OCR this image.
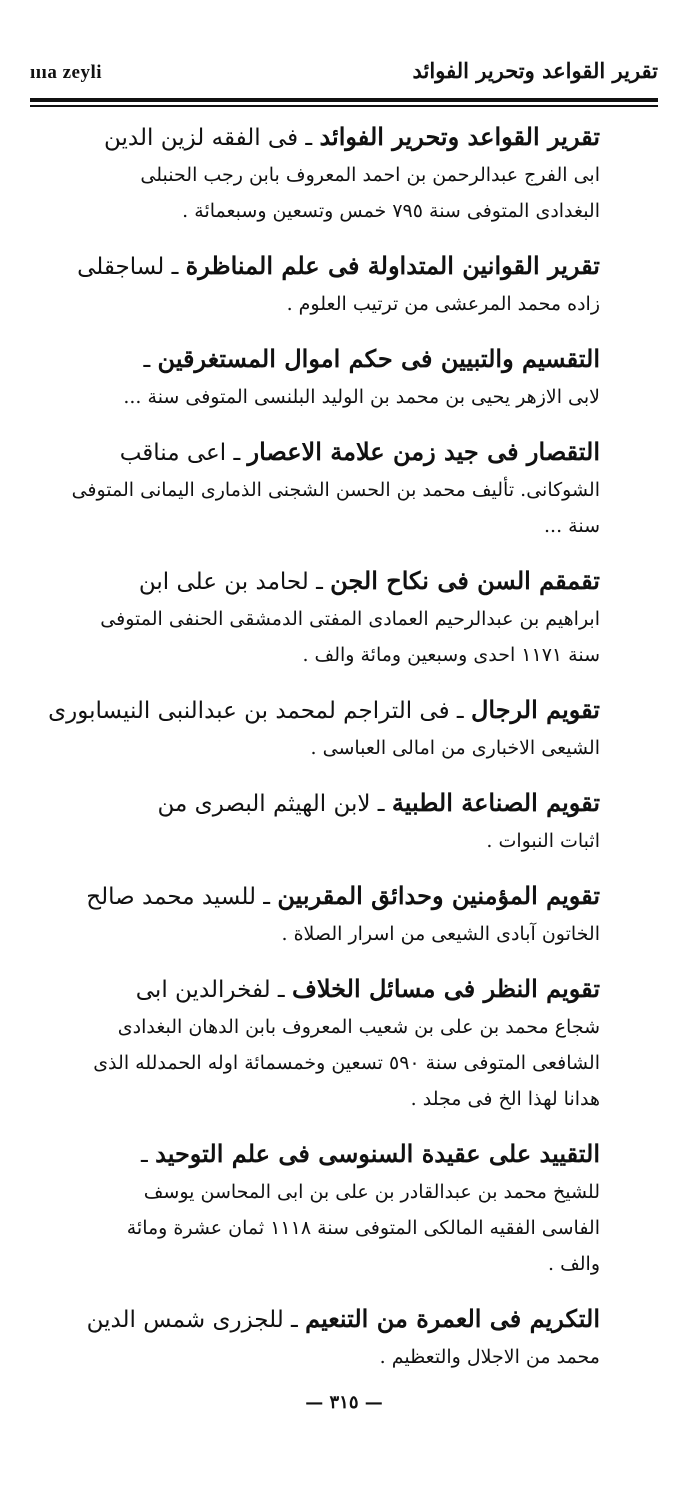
ıııa zeyli	تقرير القواعد وتحرير الفوائد
تقرير القواعد وتحرير الفوائد ـ فى الفقه لزين الدين
ابى الفرج عبدالرحمن بن احمد المعروف بابن رجب الحنبلى
البغدادى المتوفى سنة ٧٩٥ خمس وتسعين وسبعمائة .
تقرير القوانين المتداولة فى علم المناظرة ـ لساجقلى
زاده محمد المرعشى من ترتيب العلوم .
التقسيم والتبيين فى حكم اموال المستغرقين ـ
لابى الازهر يحيى بن محمد بن الوليد البلنسى المتوفى سنة ...
التقصار فى جيد زمن علامة الاعصار ـ اعى مناقب
الشوكانى. تأليف محمد بن الحسن الشجنى الذمارى اليمانى المتوفى
سنة ...
تقمقم السن فى نكاح الجن ـ لحامد بن على ابن
ابراهيم بن عبدالرحيم العمادى المفتى الدمشقى الحنفى المتوفى
سنة ١١٧١ احدى وسبعين ومائة والف .
تقويم الرجال ـ فى التراجم لمحمد بن عبدالنبى النيسابورى
الشيعى الاخبارى من امالى العباسى .
تقويم الصناعة الطبية ـ لابن الهيثم البصرى من
اثبات النبوات .
تقويم المؤمنين وحدائق المقربين ـ للسيد محمد صالح
الخاتون آبادى الشيعى من اسرار الصلاة .
تقويم النظر فى مسائل الخلاف ـ لفخرالدين ابى
شجاع محمد بن على بن شعيب المعروف بابن الدهان البغدادى
الشافعى المتوفى سنة ٥٩٠ تسعين وخمسمائة اوله الحمدلله الذى
هدانا لهذا الخ فى مجلد .
التقييد على عقيدة السنوسى فى علم التوحيد ـ
للشيخ محمد بن عبدالقادر بن على بن ابى المحاسن يوسف
الفاسى الفقيه المالكى المتوفى سنة ١١١٨ ثمان عشرة ومائة
والف .
التكريم فى العمرة من التنعيم ـ للجزرى شمس الدين
محمد من الاجلال والتعظيم .
— ٣١٥ —
